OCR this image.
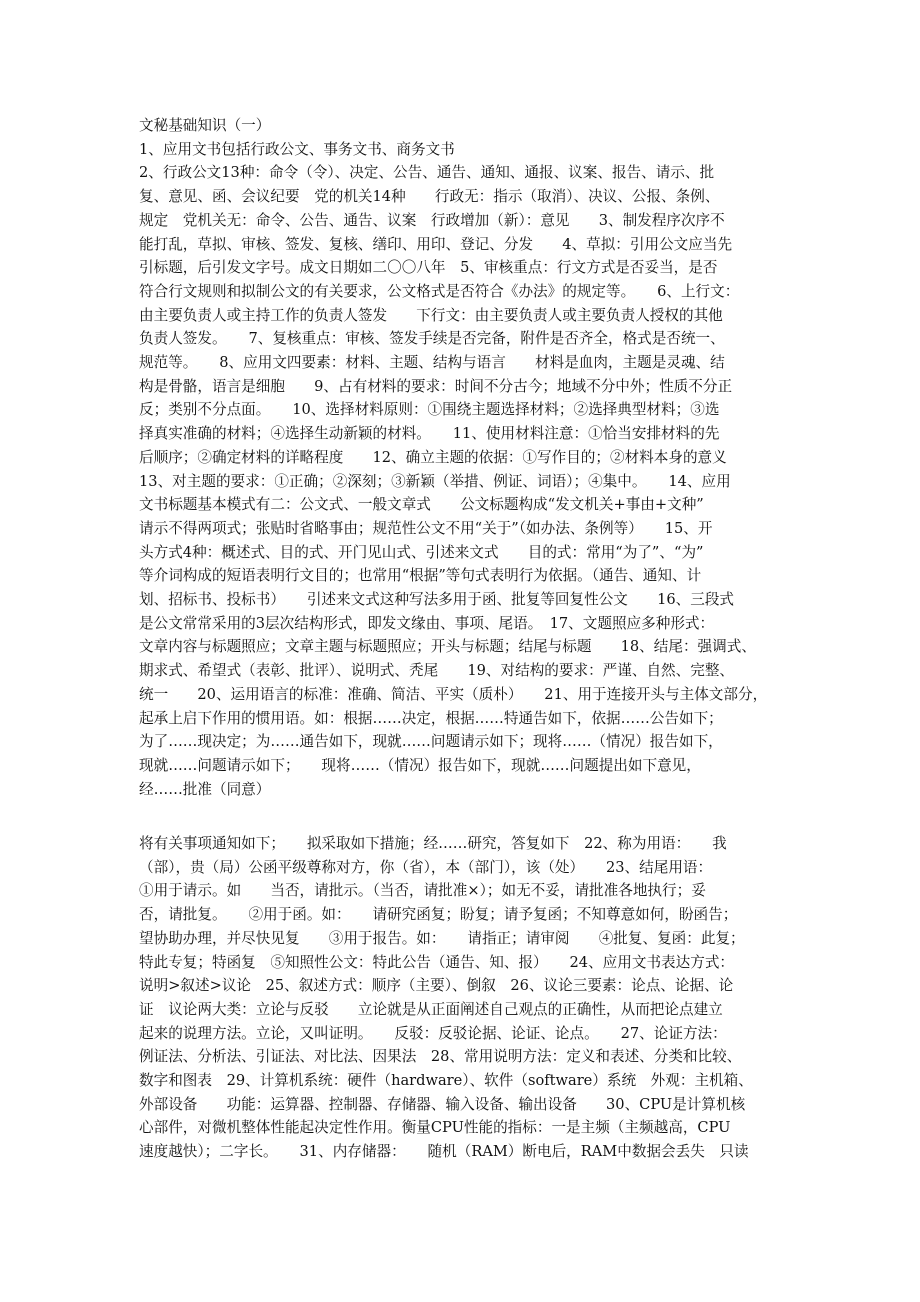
文秘基础知识（一）
1、应用文书包括行政公文、事务文书、商务文书
2、行政公文13种：命令（令）、决定、公告、通告、通知、通报、议案、报告、请示、批
复、意见、函、会议纪要　党的机关14种　　行政无：指示（取消）、决议、公报、条例、
规定　党机关无：命令、公告、通告、议案　行政增加（新）：意见　　3、制发程序次序不
能打乱，草拟、审核、签发、复核、缮印、用印、登记、分发　　4、草拟：引用公文应当先
引标题，后引发文字号。成文日期如二〇〇八年　5、审核重点：行文方式是否妥当，是否
符合行文规则和拟制公文的有关要求，公文格式是否符合《办法》的规定等。　　6、上行文：
由主要负责人或主持工作的负责人签发　　下行文：由主要负责人或主要负责人授权的其他
负责人签发。　　7、复核重点：审核、签发手续是否完备，附件是否齐全，格式是否统一、
规范等。　　8、应用文四要素：材料、主题、结构与语言　　材料是血肉，主题是灵魂、结
构是骨骼，语言是细胞　　9、占有材料的要求：时间不分古今；地域不分中外；性质不分正
反；类别不分点面。　　10、选择材料原则：①围绕主题选择材料；②选择典型材料；③选
择真实准确的材料；④选择生动新颖的材料。　　11、使用材料注意：①恰当安排材料的先
后顺序；②确定材料的详略程度　　12、确立主题的依据：①写作目的；②材料本身的意义
13、对主题的要求：①正确；②深刻；③新颖（举措、例证、词语）；④集中。　　14、应用
文书标题基本模式有二：公文式、一般文章式　　公文标题构成“发文机关+事由+文种”
请示不得两项式；张贴时省略事由；规范性公文不用“关于”（如办法、条例等）　　15、开
头方式4种：概述式、目的式、开门见山式、引述来文式　　目的式：常用“为了”、“为”
等介词构成的短语表明行文目的；也常用“根据”等句式表明行为依据。（通告、通知、计
划、招标书、投标书）　　引述来文式这种写法多用于函、批复等回复性公文　　16、三段式
是公文常常采用的3层次结构形式，即发文缘由、事项、尾语。　17、文题照应多种形式：
文章内容与标题照应；文章主题与标题照应；开头与标题；结尾与标题　　18、结尾：强调式、
期求式、希望式（表彰、批评）、说明式、秃尾　　19、对结构的要求：严谨、自然、完整、
统一　　20、运用语言的标准：准确、简洁、平实（质朴）　　21、用于连接开头与主体文部分，
起承上启下作用的惯用语。如：根据……决定，根据……特通告如下，依据……公告如下；
为了……现决定；为……通告如下，现就……问题请示如下；现将……（情况）报告如下，
现就……问题请示如下；　　现将……（情况）报告如下，现就……问题提出如下意见，
经……批准（同意）
将有关事项通知如下；　　拟采取如下措施；经……研究，答复如下　22、称为用语：　　我
（部），贵（局）公函平级尊称对方，你（省），本（部门），该（处）　　23、结尾用语：
①用于请示。如　　当否，请批示。（当否，请批准×）；如无不妥，请批准各地执行；妥
否，请批复。　　②用于函。如：　　请研究函复；盼复；请予复函；不知尊意如何，盼函告；
望协助办理，并尽快见复　　③用于报告。如：　　请指正；请审阅　　④批复、复函：此复；
特此专复；特函复　⑤知照性公文：特此公告（通告、知、报）　　24、应用文书表达方式：
说明>叙述>议论　25、叙述方式：顺序（主要）、倒叙　26、议论三要素：论点、论据、论
证　议论两大类：立论与反驳　　立论就是从正面阐述自己观点的正确性，从而把论点建立
起来的说理方法。立论，又叫证明。　　反驳：反驳论据、论证、论点。　　27、论证方法：
例证法、分析法、引证法、对比法、因果法　28、常用说明方法：定义和表述、分类和比较、
数字和图表　29、计算机系统：硬件（hardware）、软件（software）系统　外观：主机箱、
外部设备　　功能：运算器、控制器、存储器、输入设备、输出设备　　30、CPU是计算机核
心部件，对微机整体性能起决定性作用。衡量CPU性能的指标：一是主频（主频越高，CPU
速度越快）；二字长。　　31、内存储器：　　随机（RAM）断电后，RAM中数据会丢失　只读
